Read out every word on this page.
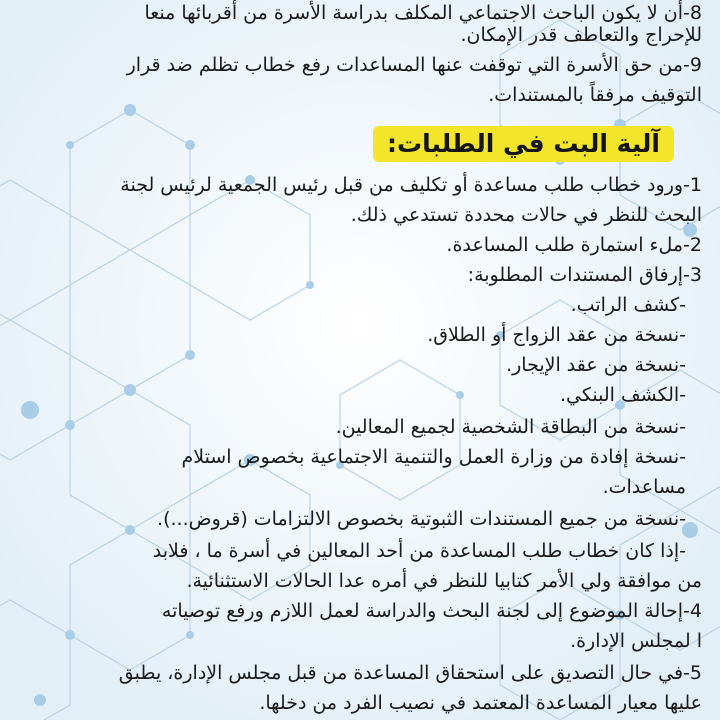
8-أن لا يكون الباحث الاجتماعي المكلف بدراسة الأسرة من أقربائها منعا
للإحراج والتعاطف قدر الإمكان.
9-من حق الأسرة التي توقفت عنها المساعدات رفع خطاب تظلم ضد قرار
التوقيف مرفقاً بالمستندات.
آلية البت في الطلبات:
1-ورود خطاب طلب مساعدة أو تكليف من قبل رئيس الجمعية لرئيس لجنة
البحث للنظر في حالات محددة تستدعي ذلك.
2-ملء استمارة طلب المساعدة.
3-إرفاق المستندات المطلوبة:
-كشف الراتب.
-نسخة من عقد الزواج أو الطلاق.
-نسخة من عقد الإيجار.
-الكشف البنكي.
-نسخة من البطاقة الشخصية لجميع المعالين.
-نسخة إفادة من وزارة العمل والتنمية الاجتماعية بخصوص استلام
مساعدات.
-نسخة من جميع المستندات الثبوتية بخصوص الالتزامات (قروض...).
-إذا كان خطاب طلب المساعدة من أحد المعالين في أسرة ما ، فلابد
من موافقة ولي الأمر كتابيا للنظر في أمره عدا الحالات الاستثنائية.
4-إحالة الموضوع إلى لجنة البحث والدراسة لعمل اللازم ورفع توصياته
ا لمجلس الإدارة.
5-في حال التصديق على استحقاق المساعدة من قبل مجلس الإدارة، يطبق
عليها معيار المساعدة المعتمد في نصيب الفرد من دخلها.
